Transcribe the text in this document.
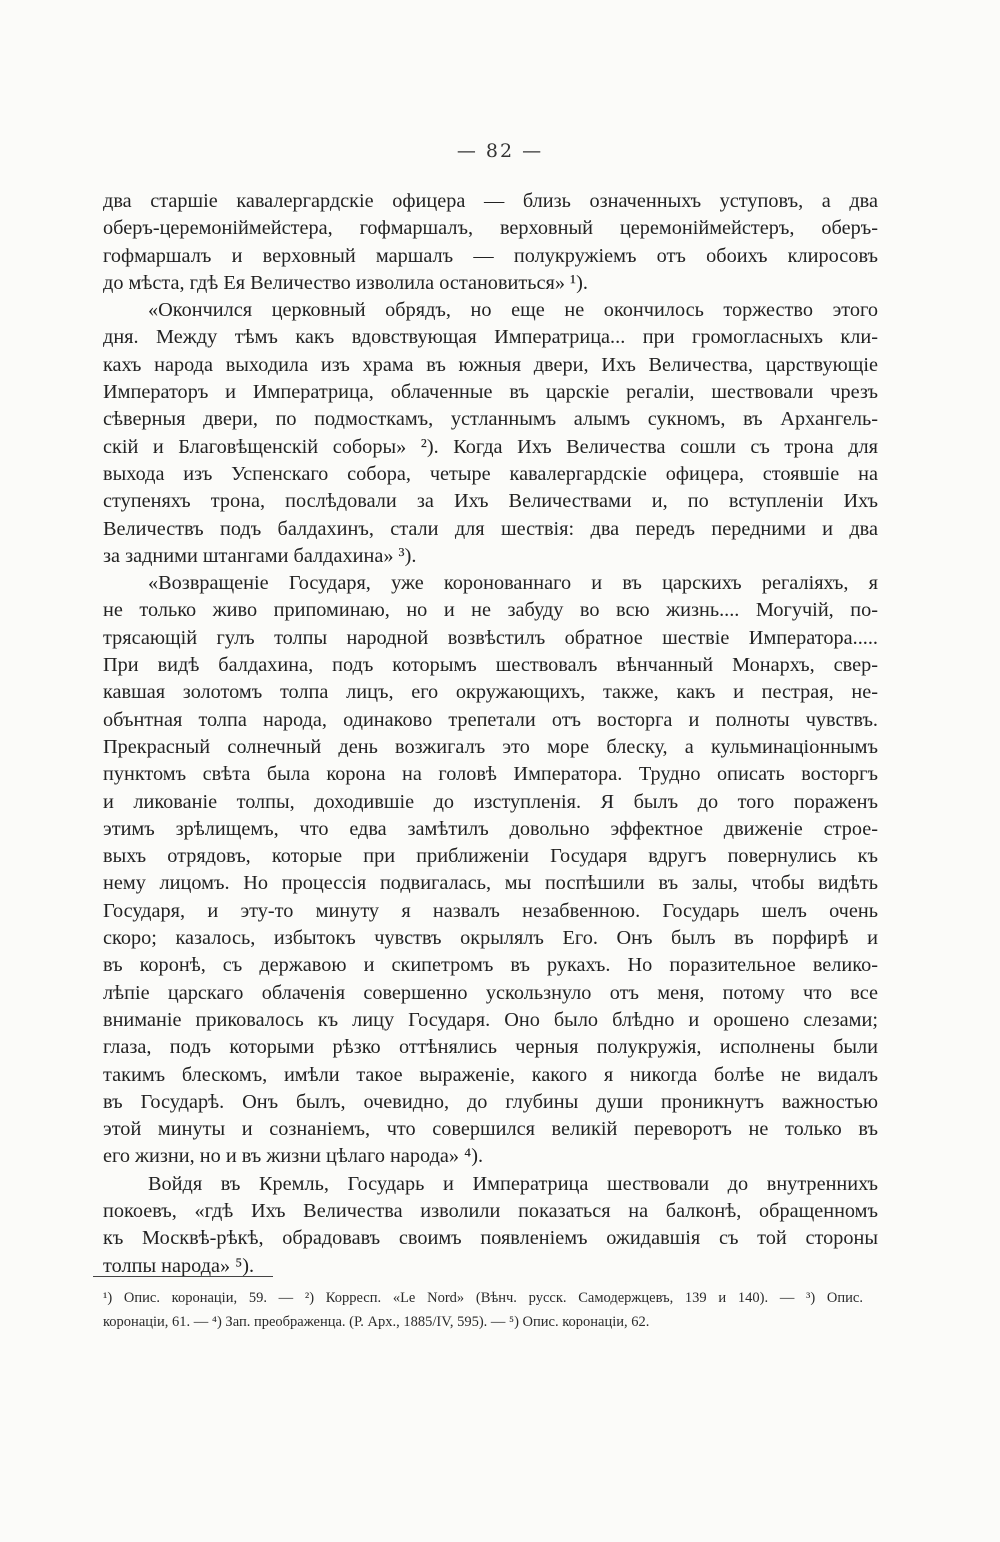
— 82 —
два старшіе кавалергардскіе офицера — близь означенныхъ уступовъ, а два
оберъ-церемоніймейстера, гофмаршалъ, верховный церемоніймейстеръ, оберъ-
гофмаршалъ и верховный маршалъ — полукружіемъ отъ обоихъ клиросовъ
до мѣста, гдѣ Ея Величество изволила остановиться» ¹).
«Окончился церковный обрядъ, но еще не окончилось торжество этого
дня. Между тѣмъ какъ вдовствующая Императрица... при громогласныхъ кли-
кахъ народа выходила изъ храма въ южныя двери, Ихъ Величества, царствующіе
Императоръ и Императрица, облаченные въ царскіе регаліи, шествовали чрезъ
сѣверныя двери, по подмосткамъ, устланнымъ алымъ сукномъ, въ Архангель-
скій и Благовѣщенскій соборы» ²). Когда Ихъ Величества сошли съ трона для
выхода изъ Успенскаго собора, четыре кавалергардскіе офицера, стоявшіе на
ступеняхъ трона, послѣдовали за Ихъ Величествами и, по вступленіи Ихъ
Величествъ подъ балдахинъ, стали для шествія: два передъ передними и два
за задними штангами балдахина» ³).
«Возвращеніе Государя, уже коронованнаго и въ царскихъ регаліяхъ, я
не только живо припоминаю, но и не забуду во всю жизнь.... Могучій, по-
трясающій гулъ толпы народной возвѣстилъ обратное шествіе Императора.....
При видѣ балдахина, подъ которымъ шествовалъ вѣнчанный Монархъ, свер-
кавшая золотомъ толпа лицъ, его окружающихъ, также, какъ и пестрая, не-
обънтная толпа народа, одинаково трепетали отъ восторга и полноты чувствъ.
Прекрасный солнечный день возжигалъ это море блеску, а кульминаціоннымъ
пунктомъ свѣта была корона на головѣ Императора. Трудно описать восторгъ
и ликованіе толпы, доходившіе до изступленія. Я былъ до того пораженъ
этимъ зрѣлищемъ, что едва замѣтилъ довольно эффектное движеніе строе-
выхъ отрядовъ, которые при приближеніи Государя вдругъ повернулись къ
нему лицомъ. Но процессія подвигалась, мы поспѣшили въ залы, чтобы видѣть
Государя, и эту-то минуту я назвалъ незабвенною. Государь шелъ очень
скоро; казалось, избытокъ чувствъ окрылялъ Его. Онъ былъ въ порфирѣ и
въ коронѣ, съ державою и скипетромъ въ рукахъ. Но поразительное велико-
лѣпіе царскаго облаченія совершенно ускользнуло отъ меня, потому что все
вниманіе приковалось къ лицу Государя. Оно было блѣдно и орошено слезами;
глаза, подъ которыми рѣзко оттѣнялись черныя полукружія, исполнены были
такимъ блескомъ, имѣли такое выраженіе, какого я никогда болѣе не видалъ
въ Государѣ. Онъ былъ, очевидно, до глубины души проникнутъ важностью
этой минуты и сознаніемъ, что совершился великій переворотъ не только въ
его жизни, но и въ жизни цѣлаго народа» ⁴).
Войдя въ Кремль, Государь и Императрица шествовали до внутреннихъ
покоевъ, «гдѣ Ихъ Величества изволили показаться на балконѣ, обращенномъ
къ Москвѣ-рѣкѣ, обрадовавъ своимъ появленіемъ ожидавшія съ той стороны
толпы народа» ⁵).
¹) Опис. коронаціи, 59. — ²) Корресп. «Le Nord» (Вѣнч. русск. Самодержцевъ, 139 и 140). — ³) Опис.
коронаціи, 61. — ⁴) Зап. преображенца. (Р. Арх., 1885/IV, 595). — ⁵) Опис. коронаціи, 62.
